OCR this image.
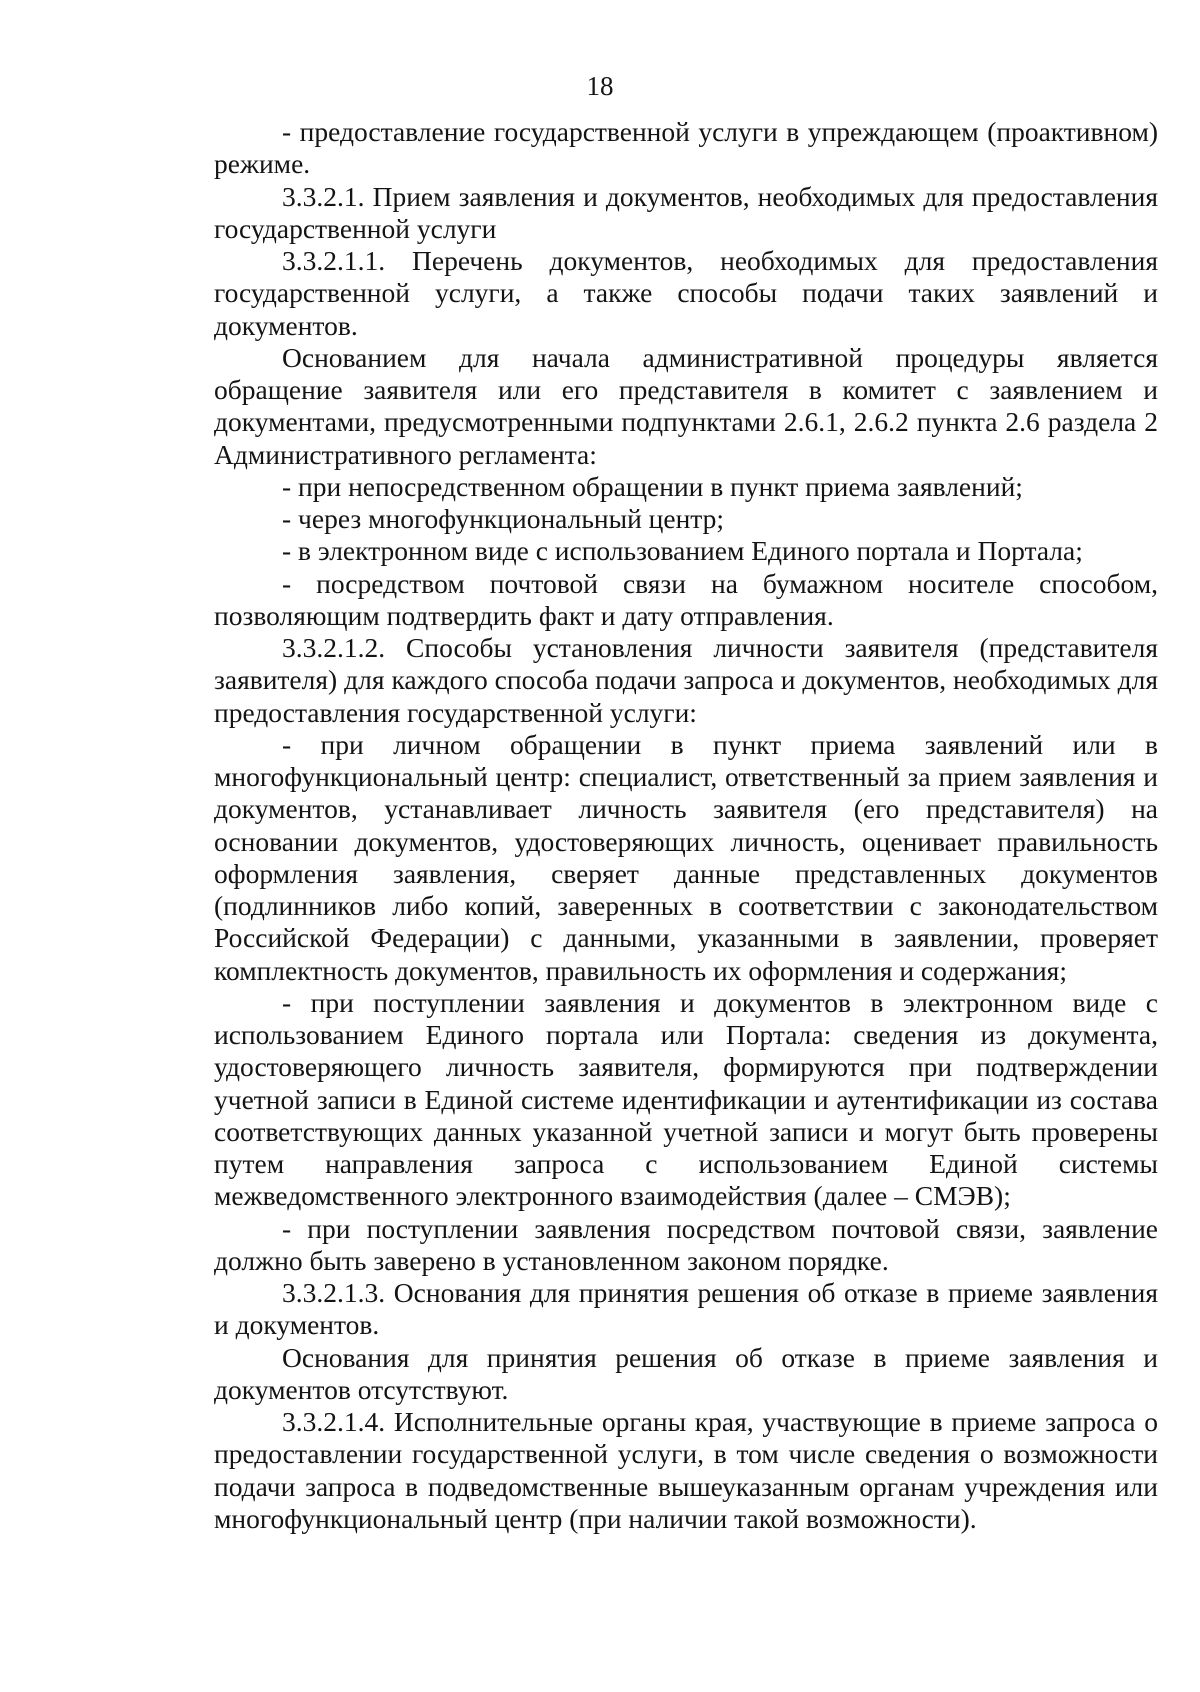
18

- предоставление государственной услуги в упреждающем (проактивном) режиме.

3.3.2.1. Прием заявления и документов, необходимых для предоставления государственной услуги

3.3.2.1.1. Перечень документов, необходимых для предоставления государственной услуги, а также способы подачи таких заявлений и документов.

Основанием для начала административной процедуры является обращение заявителя или его представителя в комитет с заявлением и документами, предусмотренными подпунктами 2.6.1, 2.6.2 пункта 2.6 раздела 2 Административного регламента:

- при непосредственном обращении в пункт приема заявлений;

- через многофункциональный центр;

- в электронном виде с использованием Единого портала и Портала;

- посредством почтовой связи на бумажном носителе способом, позволяющим подтвердить факт и дату отправления.

3.3.2.1.2. Способы установления личности заявителя (представителя заявителя) для каждого способа подачи запроса и документов, необходимых для предоставления государственной услуги:

- при личном обращении в пункт приема заявлений или в многофункциональный центр: специалист, ответственный за прием заявления и документов, устанавливает личность заявителя (его представителя) на основании документов, удостоверяющих личность, оценивает правильность оформления заявления, сверяет данные представленных документов (подлинников либо копий, заверенных в соответствии с законодательством Российской Федерации) с данными, указанными в заявлении, проверяет комплектность документов, правильность их оформления и содержания;

- при поступлении заявления и документов в электронном виде с использованием Единого портала или Портала: сведения из документа, удостоверяющего личность заявителя, формируются при подтверждении учетной записи в Единой системе идентификации и аутентификации из состава соответствующих данных указанной учетной записи и могут быть проверены путем направления запроса с использованием Единой системы межведомственного электронного взаимодействия (далее – СМЭВ);

- при поступлении заявления посредством почтовой связи, заявление должно быть заверено в установленном законом порядке.

3.3.2.1.3. Основания для принятия решения об отказе в приеме заявления и документов.

Основания для принятия решения об отказе в приеме заявления и документов отсутствуют.

3.3.2.1.4. Исполнительные органы края, участвующие в приеме запроса о предоставлении государственной услуги, в том числе сведения о возможности подачи запроса в подведомственные вышеуказанным органам учреждения или многофункциональный центр (при наличии такой возможности).
